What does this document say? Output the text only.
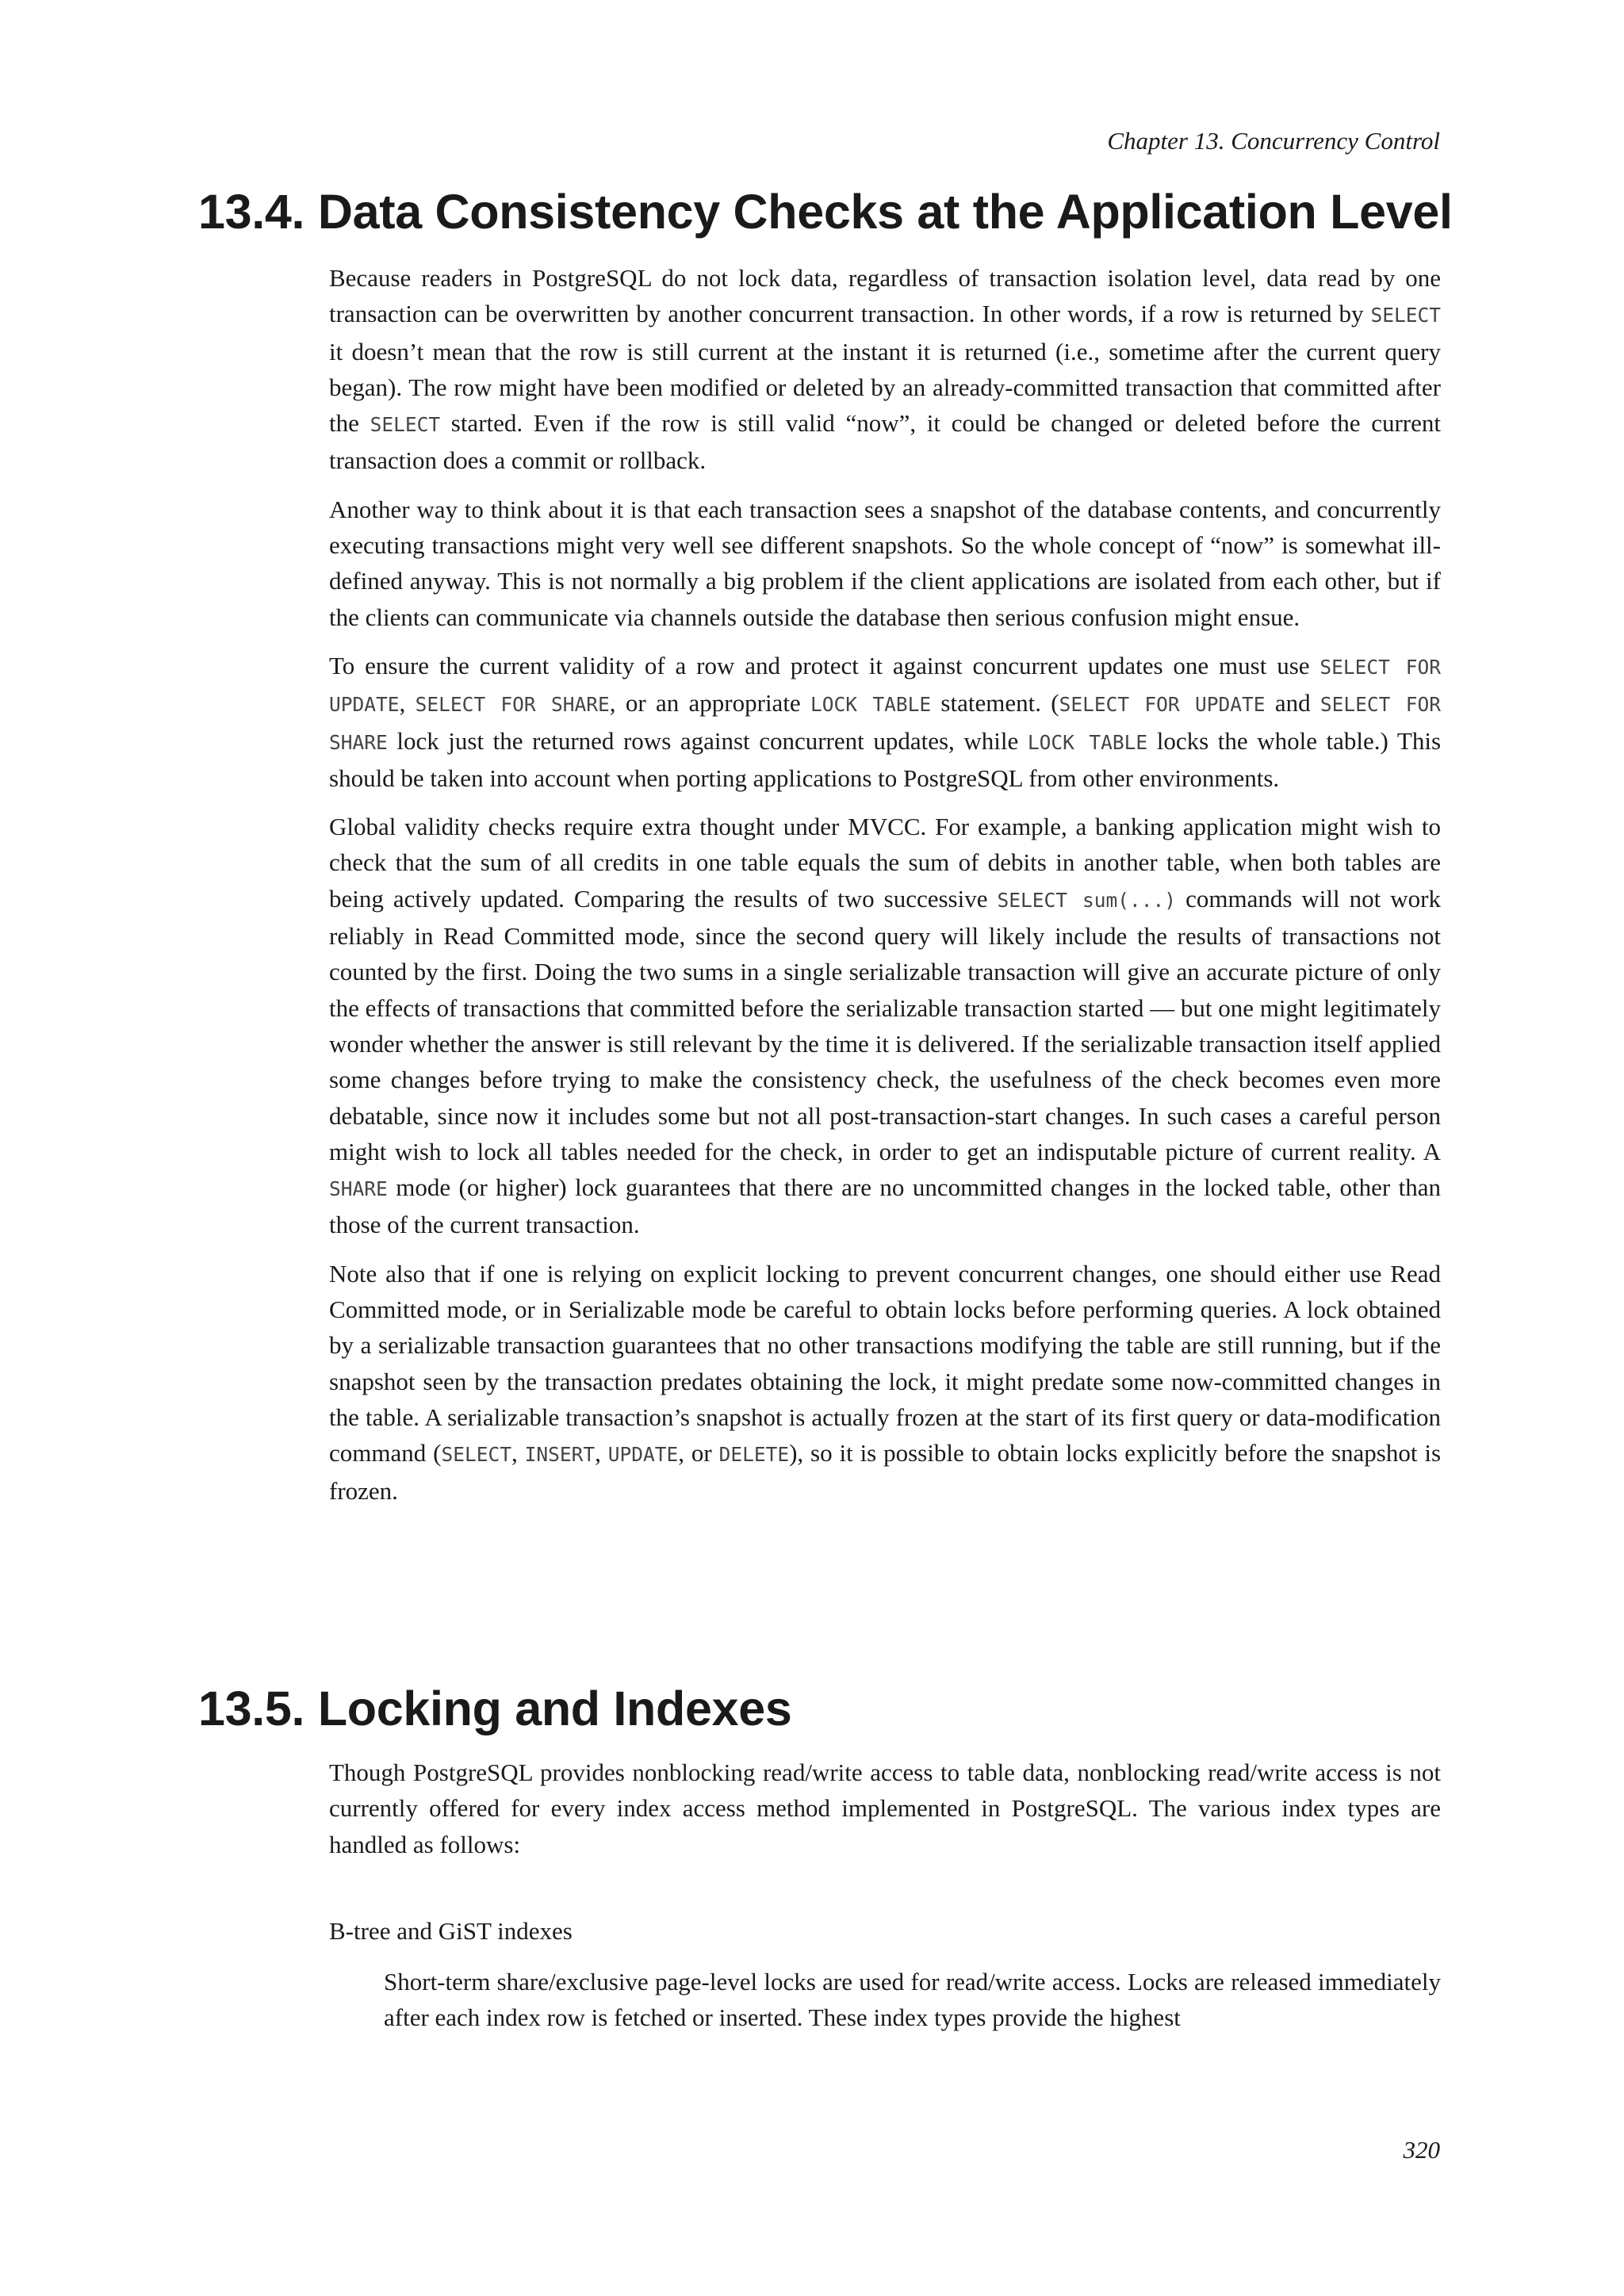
Chapter 13. Concurrency Control
13.4. Data Consistency Checks at the Application Level

Because readers in PostgreSQL do not lock data, regardless of transaction isolation level, data read by one transaction can be overwritten by another concurrent transaction. In other words, if a row is returned by SELECT it doesn’t mean that the row is still current at the instant it is returned (i.e., sometime after the current query began). The row might have been modified or deleted by an already-committed transaction that committed after the SELECT started. Even if the row is still valid “now”, it could be changed or deleted before the current transaction does a commit or rollback.

Another way to think about it is that each transaction sees a snapshot of the database contents, and concurrently executing transactions might very well see different snapshots. So the whole concept of “now” is somewhat ill-defined anyway. This is not normally a big problem if the client applications are isolated from each other, but if the clients can communicate via channels outside the database then serious confusion might ensue.

To ensure the current validity of a row and protect it against concurrent updates one must use SELECT FOR UPDATE, SELECT FOR SHARE, or an appropriate LOCK TABLE statement. (SELECT FOR UPDATE and SELECT FOR SHARE lock just the returned rows against concurrent updates, while LOCK TABLE locks the whole table.) This should be taken into account when porting applications to PostgreSQL from other environments.

Global validity checks require extra thought under MVCC. For example, a banking application might wish to check that the sum of all credits in one table equals the sum of debits in another table, when both tables are being actively updated. Comparing the results of two successive SELECT sum(...) commands will not work reliably in Read Committed mode, since the second query will likely include the results of transactions not counted by the first. Doing the two sums in a single serializable transaction will give an accurate picture of only the effects of transactions that committed before the serializable transaction started — but one might legitimately wonder whether the answer is still relevant by the time it is delivered. If the serializable transaction itself applied some changes before trying to make the consistency check, the usefulness of the check becomes even more debatable, since now it includes some but not all post-transaction-start changes. In such cases a careful person might wish to lock all tables needed for the check, in order to get an indisputable picture of current reality. A SHARE mode (or higher) lock guarantees that there are no uncommitted changes in the locked table, other than those of the current transaction.

Note also that if one is relying on explicit locking to prevent concurrent changes, one should either use Read Committed mode, or in Serializable mode be careful to obtain locks before performing queries. A lock obtained by a serializable transaction guarantees that no other transactions modifying the table are still running, but if the snapshot seen by the transaction predates obtaining the lock, it might predate some now-committed changes in the table. A serializable transaction’s snapshot is actually frozen at the start of its first query or data-modification command (SELECT, INSERT, UPDATE, or DELETE), so it is possible to obtain locks explicitly before the snapshot is frozen.

13.5. Locking and Indexes

Though PostgreSQL provides nonblocking read/write access to table data, nonblocking read/write access is not currently offered for every index access method implemented in PostgreSQL. The various index types are handled as follows:

B-tree and GiST indexes

Short-term share/exclusive page-level locks are used for read/write access. Locks are released immediately after each index row is fetched or inserted. These index types provide the highest

320
